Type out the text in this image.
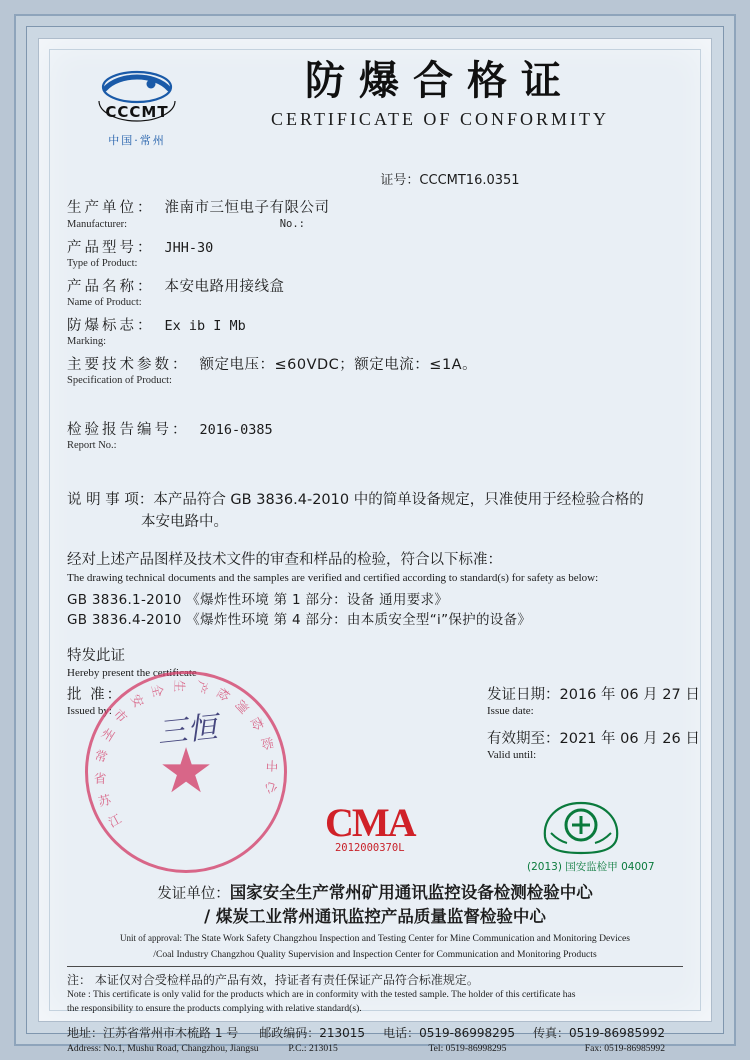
CCCMT
中国·常州
防爆合格证
CERTIFICATE OF CONFORMITY
证号：CCCMT16.0351
生产单位： 淮南市三恒电子有限公司
Manufacturer:	No.:
产品型号： JHH-30
Type of Product:
产品名称： 本安电路用接线盒
Name of Product:
防爆标志： Ex ib I Mb
Marking:
主要技术参数： 额定电压：≤60VDC；额定电流：≤1A。
Specification of Product:
检验报告编号： 2016-0385
Report No.:
说 明 事 项：本产品符合 GB 3836.4-2010 中的简单设备规定，只准使用于经检验合格的
本安电路中。
经对上述产品图样及技术文件的审查和样品的检验，符合以下标准：
The drawing technical documents and the samples are verified and certified according to standard(s) for safety as below:
GB 3836.1-2010 《爆炸性环境 第 1 部分：设备 通用要求》
GB 3836.4-2010 《爆炸性环境 第 4 部分：由本质安全型“i”保护的设备》
特发此证
Hereby present the certificate
批 准：
Issued by:	三恒
★
江
苏
省
常
州
市
安
全 生 产 检
测
检
验
中
心
发证日期：2016 年 06 月 27 日
Issue date:
有效期至：2021 年 06 月 26 日
Valid until:
CMA
2012000370L
(2013) 国安监检甲 04007
发证单位：国家安全生产常州矿用通讯监控设备检测检验中心
/ 煤炭工业常州通讯监控产品质量监督检验中心
Unit of approval: The State Work Safety Changzhou Inspection and Testing Center for Mine Communication and Monitoring Devices
/Coal Industry Changzhou Quality Supervision and Inspection Center for Communication and Monitoring Products
注： 本证仅对合受检样品的产品有效，持证者有责任保证产品符合标准规定。
Note : This certificate is only valid for the products which are in conformity with the tested sample. The holder of this certificate has
the responsibility to ensure the products complying with relative standard(s).
地址：江苏省常州市木梳路 1 号 邮政编码：213015 电话：0519-86998295 传真：0519-86985992
Address: No.1, Mushu Road, Changzhou, Jiangsu	P.C.: 213015	Tel: 0519-86998295	Fax: 0519-86985992
